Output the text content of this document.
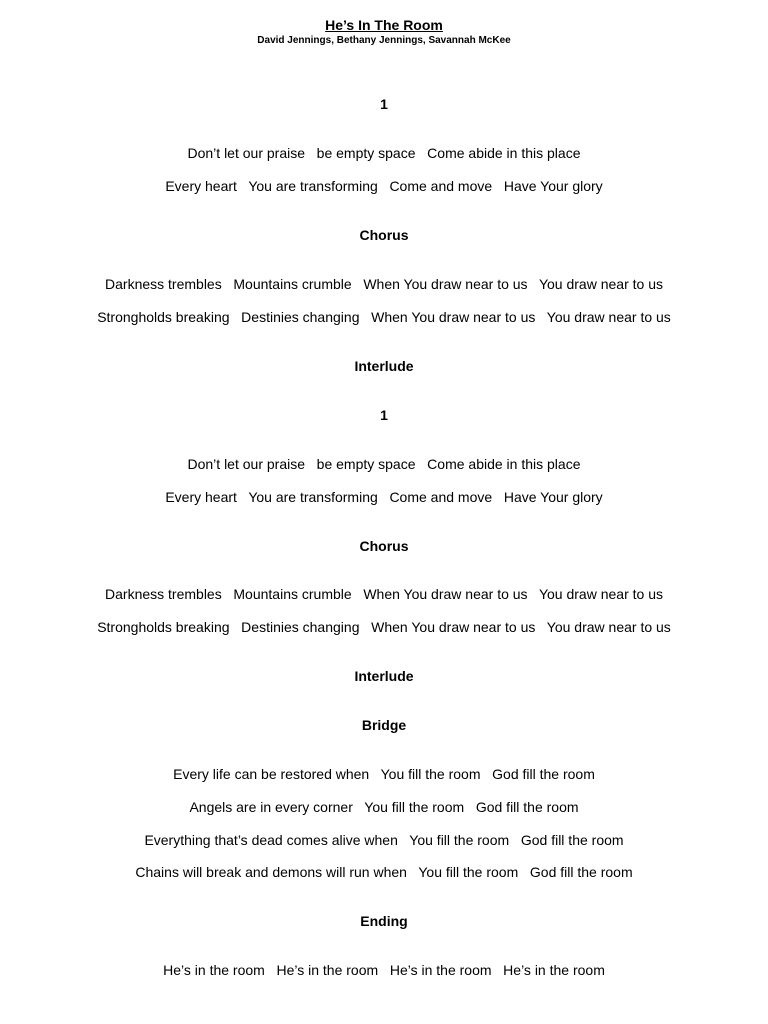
He’s In The Room
David Jennings, Bethany Jennings, Savannah McKee
1
Don’t let our praise   be empty space   Come abide in this place
Every heart   You are transforming   Come and move   Have Your glory
Chorus
Darkness trembles   Mountains crumble   When You draw near to us   You draw near to us
Strongholds breaking   Destinies changing   When You draw near to us   You draw near to us
Interlude
1
Don’t let our praise   be empty space   Come abide in this place
Every heart   You are transforming   Come and move   Have Your glory
Chorus
Darkness trembles   Mountains crumble   When You draw near to us   You draw near to us
Strongholds breaking   Destinies changing   When You draw near to us   You draw near to us
Interlude
Bridge
Every life can be restored when   You fill the room   God fill the room
Angels are in every corner   You fill the room   God fill the room
Everything that’s dead comes alive when   You fill the room   God fill the room
Chains will break and demons will run when   You fill the room   God fill the room
Ending
He’s in the room   He’s in the room   He’s in the room   He’s in the room
